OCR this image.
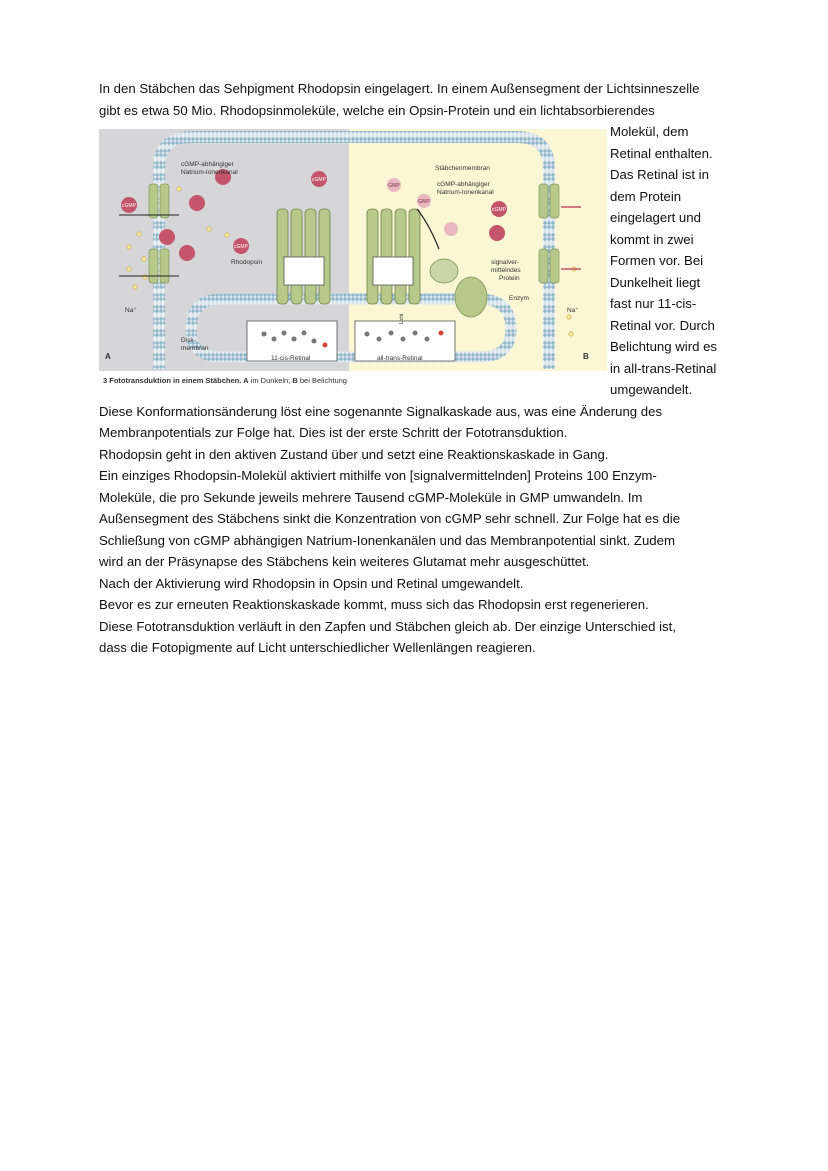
In den Stäbchen das Sehpigment Rhodopsin eingelagert. In einem Außensegment der Lichtsinneszelle
gibt es etwa 50 Mio. Rhodopsinmoleküle, welche ein Opsin-Protein und ein lichtabsorbierendes
Molekül, dem
Retinal enthalten.
Das Retinal ist in
dem Protein
eingelagert und
kommt in zwei
Formen vor. Bei
Dunkelheit liegt
fast nur 11-cis-
Retinal vor. Durch
Belichtung wird es
in all-trans-Retinal
umgewandelt.
cGMP-abhängiger
Natrium-Ionenkanal
Stäbchenmembran
cGMP-abhängiger
Natrium-Ionenkanal
Rhodopsin	signalver-
mittelndes
Protein
Enzym
Na⁺	Na⁺
Disk-
membran
11-cis-Retinal	all-trans-Retinal
A	B
cGMP
cGMP
cGMP
cGMP
GMP
GMP
Licht
3 Fototransduktion in einem Stäbchen. A im Dunkeln; B bei Belichtung
Diese Konformationsänderung löst eine sogenannte Signalkaskade aus, was eine Änderung des
Membranpotentials zur Folge hat. Dies ist der erste Schritt der Fototransduktion.
Rhodopsin geht in den aktiven Zustand über und setzt eine Reaktionskaskade in Gang.
Ein einziges Rhodopsin-Molekül aktiviert mithilfe von [signalvermittelnden] Proteins 100 Enzym-
Moleküle, die pro Sekunde jeweils mehrere Tausend cGMP-Moleküle in GMP umwandeln. Im
Außensegment des Stäbchens sinkt die Konzentration von cGMP sehr schnell. Zur Folge hat es die
Schließung von cGMP abhängigen Natrium-Ionenkanälen und das Membranpotential sinkt. Zudem
wird an der Präsynapse des Stäbchens kein weiteres Glutamat mehr ausgeschüttet.
Nach der Aktivierung wird Rhodopsin in Opsin und Retinal umgewandelt.
Bevor es zur erneuten Reaktionskaskade kommt, muss sich das Rhodopsin erst regenerieren.
Diese Fototransduktion verläuft in den Zapfen und Stäbchen gleich ab. Der einzige Unterschied ist,
dass die Fotopigmente auf Licht unterschiedlicher Wellenlängen reagieren.
